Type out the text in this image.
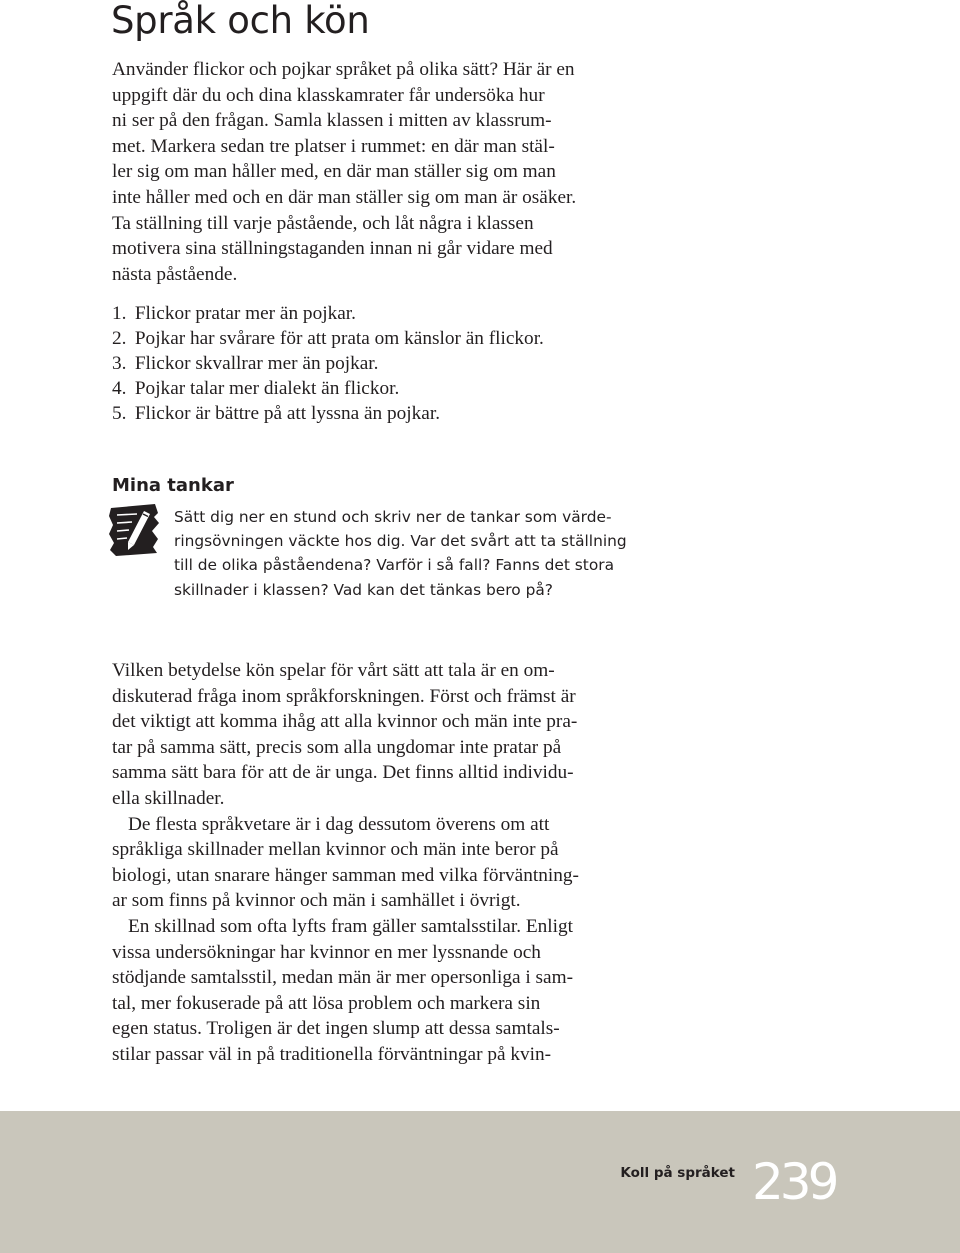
Språk och kön
Använder flickor och pojkar språket på olika sätt? Här är en
uppgift där du och dina klasskamrater får undersöka hur
ni ser på den frågan. Samla klassen i mitten av klassrum-
met. Markera sedan tre platser i rummet: en där man stäl-
ler sig om man håller med, en där man ställer sig om man
inte håller med och en där man ställer sig om man är osäker.
Ta ställning till varje påstående, och låt några i klassen
motivera sina ställningstaganden innan ni går vidare med
nästa påstående.
1. Flickor pratar mer än pojkar.
2. Pojkar har svårare för att prata om känslor än flickor.
3. Flickor skvallrar mer än pojkar.
4. Pojkar talar mer dialekt än flickor.
5. Flickor är bättre på att lyssna än pojkar.
Mina tankar
Sätt dig ner en stund och skriv ner de tankar som värde-
ringsövningen väckte hos dig. Var det svårt att ta ställning
till de olika påståendena? Varför i så fall? Fanns det stora
skillnader i klassen? Vad kan det tänkas bero på?
Vilken betydelse kön spelar för vårt sätt att tala är en om-
diskuterad fråga inom språkforskningen. Först och främst är
det viktigt att komma ihåg att alla kvinnor och män inte pra-
tar på samma sätt, precis som alla ungdomar inte pratar på
samma sätt bara för att de är unga. Det finns alltid individu-
ella skillnader.
De flesta språkvetare är i dag dessutom överens om att
språkliga skillnader mellan kvinnor och män inte beror på
biologi, utan snarare hänger samman med vilka förväntning-
ar som finns på kvinnor och män i samhället i övrigt.
En skillnad som ofta lyfts fram gäller samtalsstilar. Enligt
vissa undersökningar har kvinnor en mer lyssnande och
stödjande samtalsstil, medan män är mer opersonliga i sam-
tal, mer fokuserade på att lösa problem och markera sin
egen status. Troligen är det ingen slump att dessa samtals-
stilar passar väl in på traditionella förväntningar på kvin-
Koll på språket 239
